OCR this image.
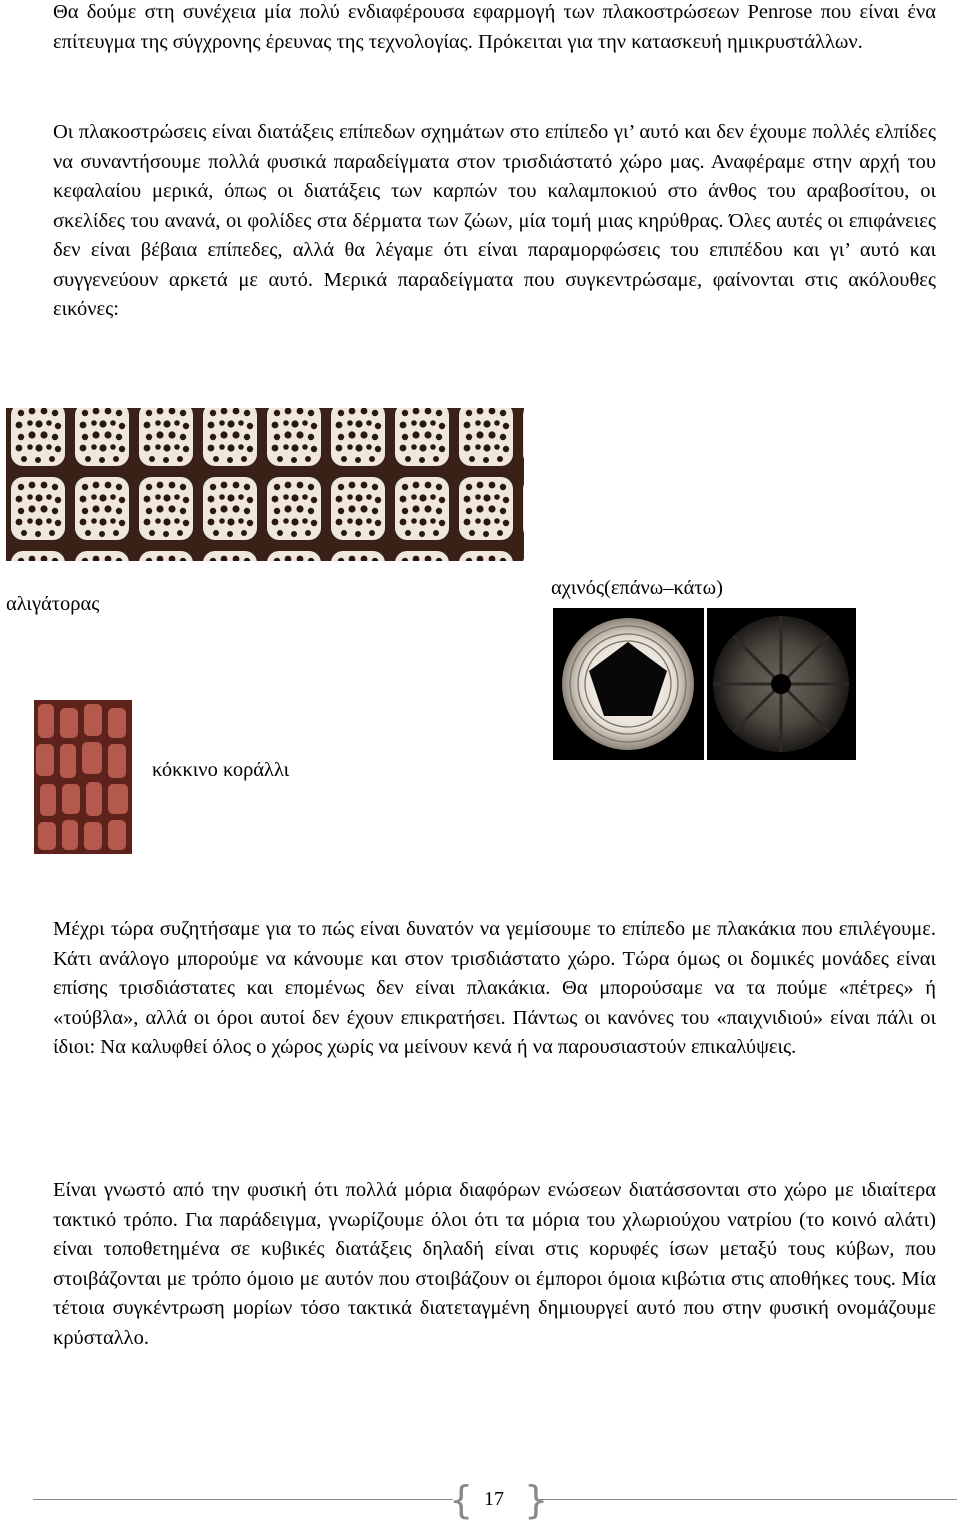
Θα δούμε στη συνέχεια μία πολύ ενδιαφέρουσα εφαρμογή των πλακοστρώσεων Penrose που είναι ένα επίτευγμα της σύγχρονης έρευνας της τεχνολογίας. Πρόκειται για την κατασκευή ημικρυστάλλων.

Οι πλακοστρώσεις είναι διατάξεις επίπεδων σχημάτων στο επίπεδο γι’ αυτό και δεν έχουμε πολλές ελπίδες να συναντήσουμε πολλά φυσικά παραδείγματα στον τρισδιάστατό χώρο μας. Αναφέραμε στην αρχή του κεφαλαίου μερικά, όπως οι διατάξεις των καρπών του καλαμποκιού στο άνθος του αραβοσίτου, οι σκελίδες του ανανά, οι φολίδες στα δέρματα των ζώων, μία τομή μιας κηρύθρας. Όλες αυτές οι επιφάνειες δεν είναι βέβαια επίπεδες, αλλά θα λέγαμε ότι είναι παραμορφώσεις του επιπέδου και γι’ αυτό και συγγενεύουν αρκετά με αυτό. Μερικά παραδείγματα που συγκεντρώσαμε, φαίνονται στις ακόλουθες εικόνες:

αλιγάτορας
αχινός(επάνω–κάτω)
κόκκινο κοράλλι

Μέχρι τώρα συζητήσαμε για το πώς είναι δυνατόν να γεμίσουμε το επίπεδο με πλακάκια που επιλέγουμε. Κάτι ανάλογο μπορούμε να κάνουμε και στον τρισδιάστατο χώρο. Τώρα όμως οι δομικές μονάδες είναι επίσης τρισδιάστατες και επομένως δεν είναι πλακάκια. Θα μπορούσαμε να τα πούμε «πέτρες» ή «τούβλα», αλλά οι όροι αυτοί δεν έχουν επικρατήσει. Πάντως οι κανόνες του «παιχνιδιού» είναι πάλι οι ίδιοι: Να καλυφθεί όλος ο χώρος χωρίς να μείνουν κενά ή να παρουσιαστούν επικαλύψεις.

Είναι γνωστό από την φυσική ότι πολλά μόρια διαφόρων ενώσεων διατάσσονται στο χώρο με ιδιαίτερα τακτικό τρόπο. Για παράδειγμα, γνωρίζουμε όλοι ότι τα μόρια του χλωριούχου νατρίου (το κοινό αλάτι) είναι τοποθετημένα σε κυβικές διατάξεις δηλαδή είναι στις κορυφές ίσων μεταξύ τους κύβων, που στοιβάζονται με τρόπο όμοιο με αυτόν που στοιβάζουν οι έμποροι όμοια κιβώτια στις αποθήκες τους. Μία τέτοια συγκέντρωση μορίων τόσο τακτικά διατεταγμένη δημιουργεί αυτό που στην φυσική ονομάζουμε κρύσταλλο.

{ }
17
